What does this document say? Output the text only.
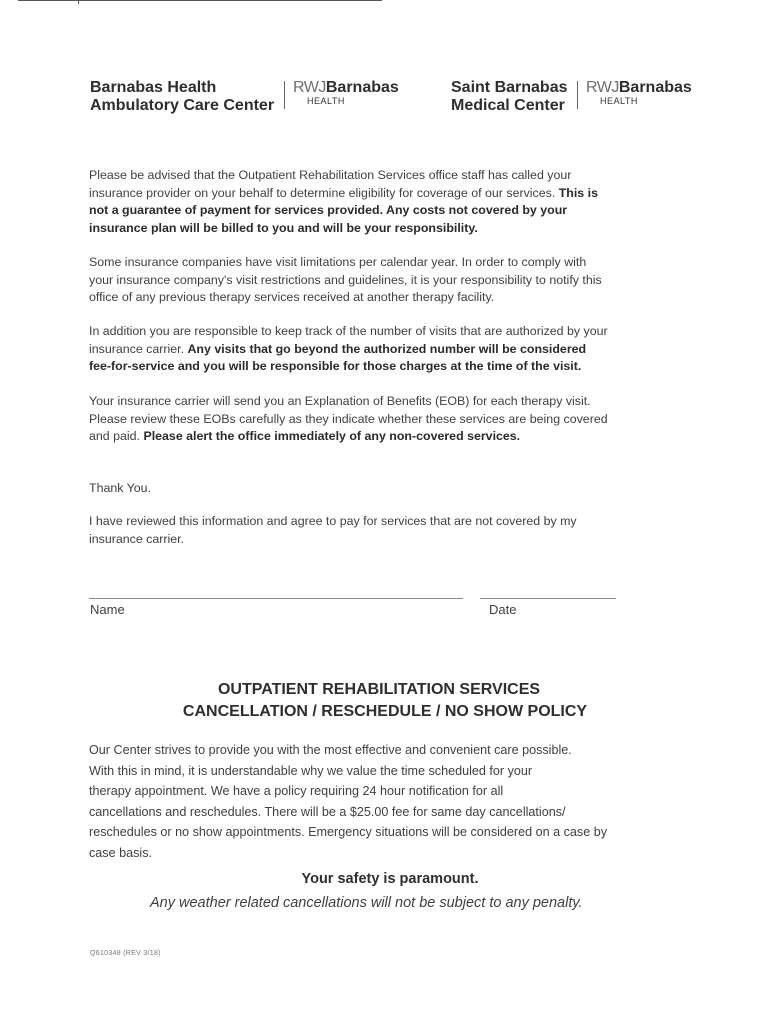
Barnabas Health
Ambulatory Care Center
RWJBarnabas
HEALTH
Saint Barnabas
Medical Center
RWJBarnabas
HEALTH
Please be advised that the Outpatient Rehabilitation Services office staff has called your
insurance provider on your behalf to determine eligibility for coverage of our services. This is
not a guarantee of payment for services provided. Any costs not covered by your
insurance plan will be billed to you and will be your responsibility.
Some insurance companies have visit limitations per calendar year. In order to comply with
your insurance company's visit restrictions and guidelines, it is your responsibility to notify this
office of any previous therapy services received at another therapy facility.
In addition you are responsible to keep track of the number of visits that are authorized by your
insurance carrier. Any visits that go beyond the authorized number will be considered
fee-for-service and you will be responsible for those charges at the time of the visit.
Your insurance carrier will send you an Explanation of Benefits (EOB) for each therapy visit.
Please review these EOBs carefully as they indicate whether these services are being covered
and paid. Please alert the office immediately of any non-covered services.
Thank You.
I have reviewed this information and agree to pay for services that are not covered by my
insurance carrier.
Name	Date
OUTPATIENT REHABILITATION SERVICES
CANCELLATION / RESCHEDULE / NO SHOW POLICY
Our Center strives to provide you with the most effective and convenient care possible.
With this in mind, it is understandable why we value the time scheduled for your
therapy appointment. We have a policy requiring 24 hour notification for all
cancellations and reschedules. There will be a $25.00 fee for same day cancellations/
reschedules or no show appointments. Emergency situations will be considered on a case by
case basis.
Your safety is paramount.
Any weather related cancellations will not be subject to any penalty.
Q610348 (REV 3/18)
